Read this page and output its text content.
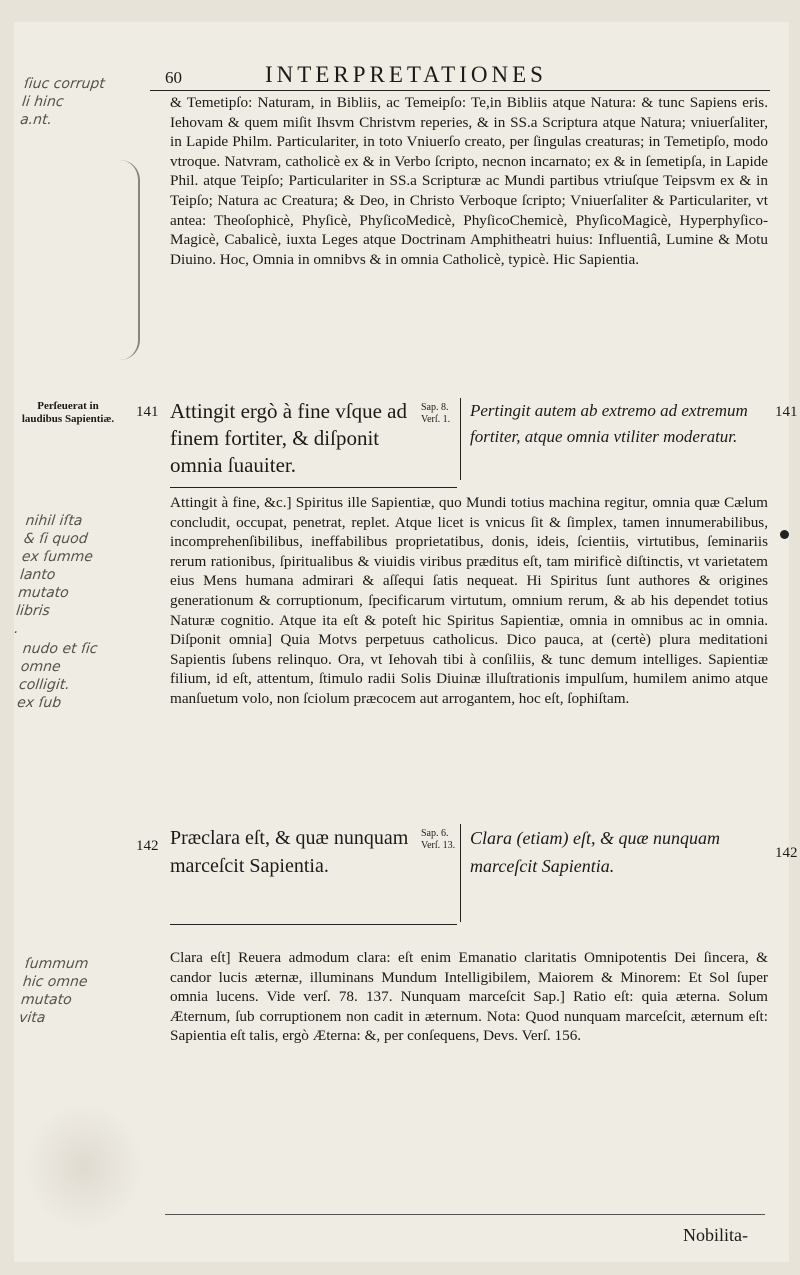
60	INTERPRETATIONES

& Temetipſo: Naturam, in Bibliis, ac Temeipſo: Te,in Bibliis atque Natura: & tunc Sapiens eris. Iehovam & quem miſit Ihsvm Christvm reperies, & in SS.a Scriptura atque Natura; vniuerſaliter, in Lapide Philm. Particulariter, in toto Vniuerſo creato, per ſingulas creaturas; in Temetipſo, modo vtroque. Natvram, catholicè ex & in Verbo ſcripto, necnon incarnato; ex & in ſemetipſa, in Lapide Phil. atque Teipſo; Particulariter in SS.a Scripturæ ac Mundi partibus vtriuſque Teipsvm ex & in Teipſo; Natura ac Creatura; & Deo, in Christo Verboque ſcripto; Vniuerſaliter & Particulariter, vt antea: Theoſophicè, Phyſicè, PhyſicoMedicè, PhyſicoChemicè, PhyſicoMagicè, Hyperphyſico-Magicè, Cabalicè, iuxta Leges atque Doctrinam Amphitheatri huius: Influentiâ, Lumine & Motu Diuino. Hoc, Omnia in omnibvs & in omnia Catholicè, typicè. Hic Sapientia.

Perſeuerat in laudibus Sapientiæ. 141	141

Attingit ergò à fine vſque ad finem fortiter, & diſponit omnia ſuauiter.

Sap. 8. Verſ. 1.	Pertingit autem ab extremo ad extremum fortiter, atque omnia vtiliter moderatur.

Attingit à fine, &c.] Spiritus ille Sapientiæ, quo Mundi totius machina regitur, omnia quæ Cælum concludit, occupat, penetrat, replet. Atque licet is vnicus ſit & ſimplex, tamen innumerabilibus, incomprehenſibilibus, ineffabilibus proprietatibus, donis, ideis, ſcientiis, virtutibus, ſeminariis rerum rationibus, ſpiritualibus & viuidis viribus præditus eſt, tam mirificè diſtinctis, vt varietatem eius Mens humana admirari & aſſequi ſatis nequeat. Hi Spiritus ſunt authores & origines generationum & corruptionum, ſpecificarum virtutum, omnium rerum, & ab his dependet totius Naturæ cognitio. Atque ita eſt & poteſt hic Spiritus Sapientiæ, omnia in omnibus ac in omnia. Diſponit omnia] Quia Motvs perpetuus catholicus. Dico pauca, at (certè) plura meditationi Sapientis ſubens relinquo. Ora, vt Iehovah tibi à conſiliis, & tunc demum intelliges. Sapientiæ filium, id eſt, attentum, ſtimulo radii Solis Diuinæ illuſtrationis impulſum, humilem animo atque manſuetum volo, non ſciolum præcocem aut arrogantem, hoc eſt, ſophiſtam.

142	142

Præclara eſt, & quæ nunquam marceſcit Sapientia.

Sap. 6. Verſ. 13. Clara (etiam) eſt, & quæ nunquam marceſcit Sapientia.

Clara eſt] Reuera admodum clara: eſt enim Emanatio claritatis Omnipotentis Dei ſincera, & candor lucis æternæ, illuminans Mundum Intelligibilem, Maiorem & Minorem: Et Sol ſuper omnia lucens. Vide verſ. 78. 137. Nunquam marceſcit Sap.] Ratio eſt: quia æterna. Solum Æternum, ſub corruptionem non cadit in æternum. Nota: Quod nunquam marceſcit, æternum eſt: Sapientia eſt talis, ergò Æterna: &, per conſequens, Devs. Verſ. 156.

Nobilita-
ſiuc corrupt
li hinc
a.nt.
nihil iſta
& ſi quod
ex ſumme
lanto
mutato
libris
.
nudo et ſic
omne
colligit.
ex ſub
ſummum
hic omne
mutato
vita
